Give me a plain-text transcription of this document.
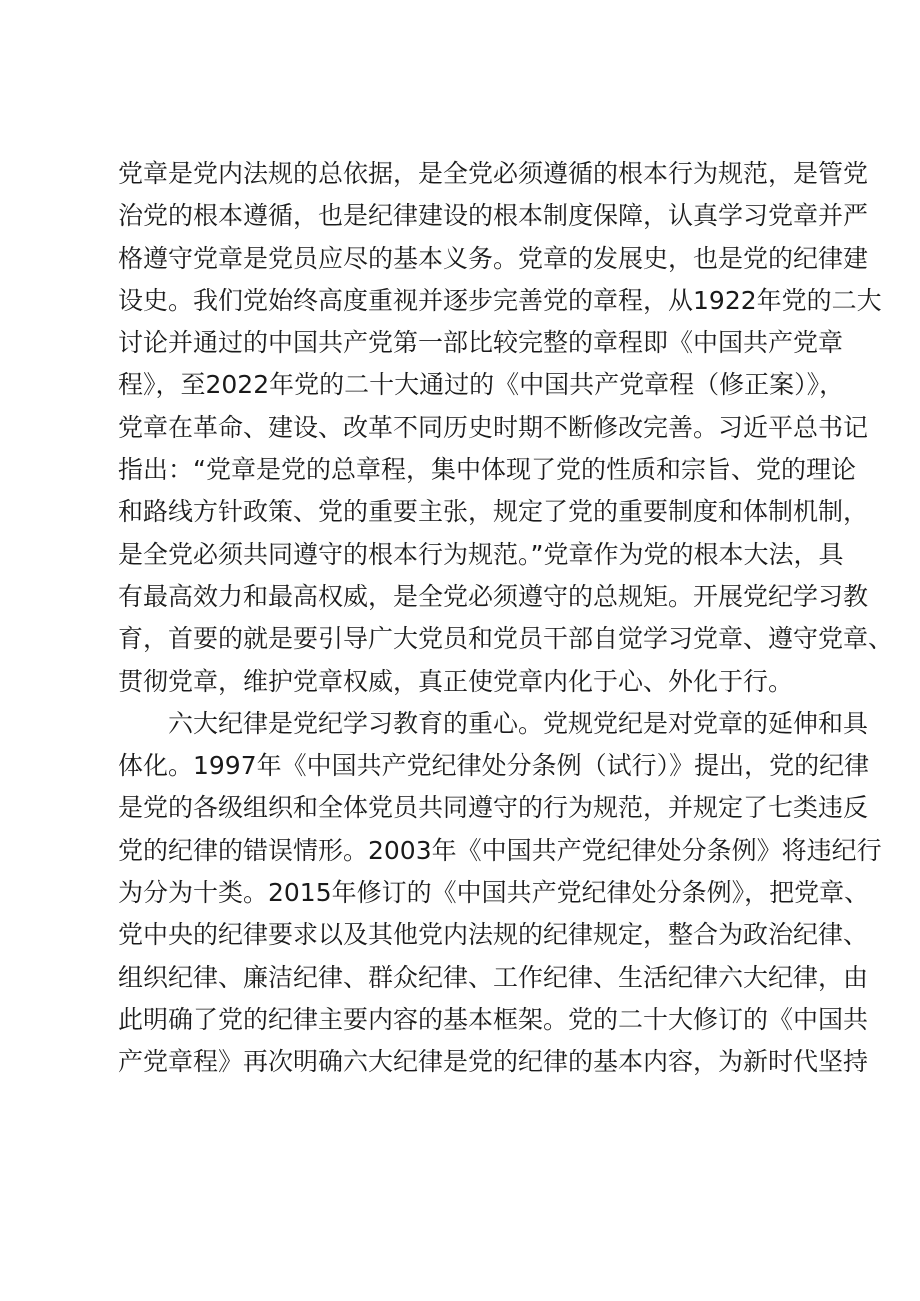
党章是党内法规的总依据，是全党必须遵循的根本行为规范，是管党
治党的根本遵循，也是纪律建设的根本制度保障，认真学习党章并严
格遵守党章是党员应尽的基本义务。党章的发展史，也是党的纪律建
设史。我们党始终高度重视并逐步完善党的章程，从1922年党的二大
讨论并通过的中国共产党第一部比较完整的章程即《中国共产党章
程》，至2022年党的二十大通过的《中国共产党章程（修正案）》，
党章在革命、建设、改革不同历史时期不断修改完善。习近平总书记
指出：“党章是党的总章程，集中体现了党的性质和宗旨、党的理论
和路线方针政策、党的重要主张，规定了党的重要制度和体制机制，
是全党必须共同遵守的根本行为规范。”党章作为党的根本大法，具
有最高效力和最高权威，是全党必须遵守的总规矩。开展党纪学习教
育，首要的就是要引导广大党员和党员干部自觉学习党章、遵守党章、
贯彻党章，维护党章权威，真正使党章内化于心、外化于行。
六大纪律是党纪学习教育的重心。党规党纪是对党章的延伸和具
体化。1997年《中国共产党纪律处分条例（试行）》提出，党的纪律
是党的各级组织和全体党员共同遵守的行为规范，并规定了七类违反
党的纪律的错误情形。2003年《中国共产党纪律处分条例》将违纪行
为分为十类。2015年修订的《中国共产党纪律处分条例》，把党章、
党中央的纪律要求以及其他党内法规的纪律规定，整合为政治纪律、
组织纪律、廉洁纪律、群众纪律、工作纪律、生活纪律六大纪律，由
此明确了党的纪律主要内容的基本框架。党的二十大修订的《中国共
产党章程》再次明确六大纪律是党的纪律的基本内容，为新时代坚持
